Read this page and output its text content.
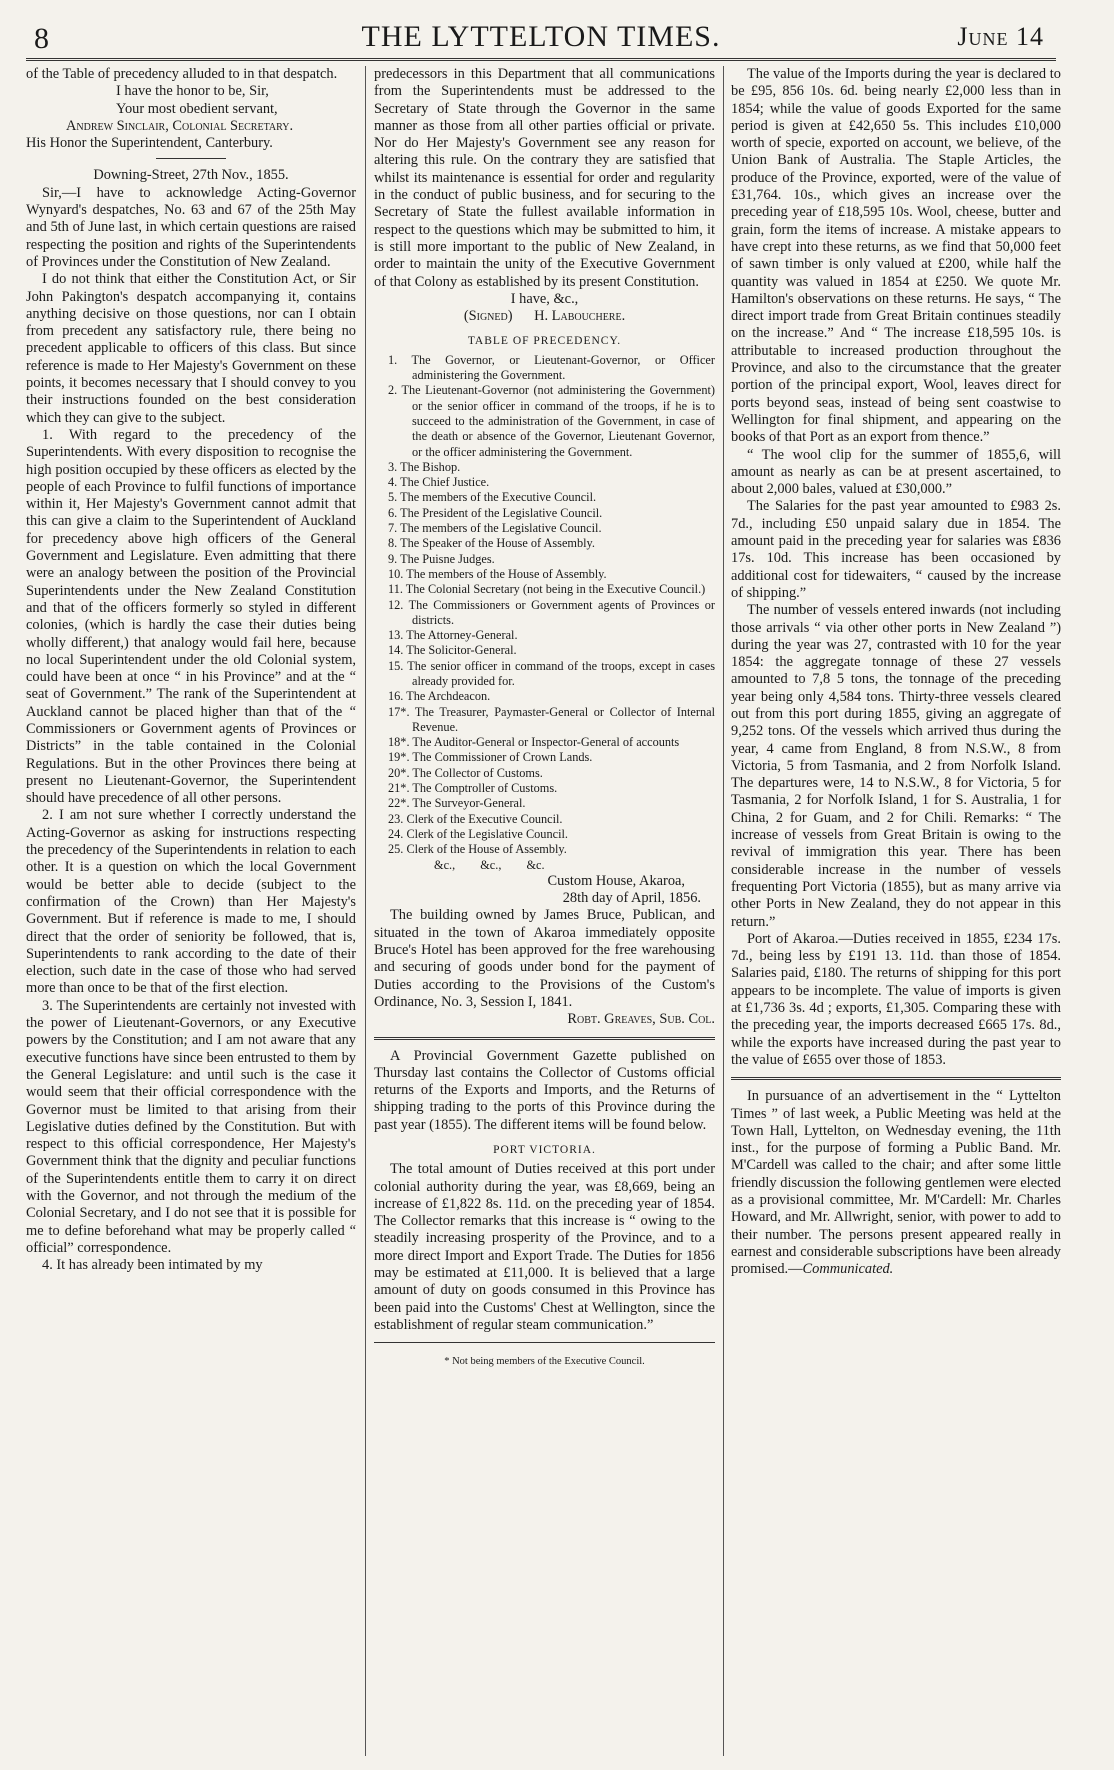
8	THE LYTTELTON TIMES.	June 14

of the Table of precedency alluded to in that despatch.

I have the honor to be, Sir,

Your most obedient servant,

Andrew Sinclair, Colonial Secretary.

His Honor the Superintendent, Canterbury.

Downing-Street, 27th Nov., 1855.

Sir,—I have to acknowledge Acting-Governor Wynyard's despatches, No. 63 and 67 of the 25th May and 5th of June last, in which certain questions are raised respecting the position and rights of the Superintendents of Provinces under the Constitution of New Zealand.

I do not think that either the Constitution Act, or Sir John Pakington's despatch accompanying it, contains anything decisive on those questions, nor can I obtain from precedent any satisfactory rule, there being no precedent applicable to officers of this class. But since reference is made to Her Majesty's Government on these points, it becomes necessary that I should convey to you their instructions founded on the best consideration which they can give to the subject.

1. With regard to the precedency of the Superintendents. With every disposition to recognise the high position occupied by these officers as elected by the people of each Province to fulfil functions of importance within it, Her Majesty's Government cannot admit that this can give a claim to the Superintendent of Auckland for precedency above high officers of the General Government and Legislature. Even admitting that there were an analogy between the position of the Provincial Superintendents under the New Zealand Constitution and that of the officers formerly so styled in different colonies, (which is hardly the case their duties being wholly different,) that analogy would fail here, because no local Superintendent under the old Colonial system, could have been at once “ in his Province” and at the “ seat of Government.” The rank of the Superintendent at Auckland cannot be placed higher than that of the “ Commissioners or Government agents of Provinces or Districts” in the table contained in the Colonial Regulations. But in the other Provinces there being at present no Lieutenant-Governor, the Superintendent should have precedence of all other persons.

2. I am not sure whether I correctly understand the Acting-Governor as asking for instructions respecting the precedency of the Superintendents in relation to each other. It is a question on which the local Government would be better able to decide (subject to the confirmation of the Crown) than Her Majesty's Government. But if reference is made to me, I should direct that the order of seniority be followed, that is, Superintendents to rank according to the date of their election, such date in the case of those who had served more than once to be that of the first election.

3. The Superintendents are certainly not invested with the power of Lieutenant-Governors, or any Executive powers by the Constitution; and I am not aware that any executive functions have since been entrusted to them by the General Legislature: and until such is the case it would seem that their official correspondence with the Governor must be limited to that arising from their Legislative duties defined by the Constitution. But with respect to this official correspondence, Her Majesty's Government think that the dignity and peculiar functions of the Superintendents entitle them to carry it on direct with the Governor, and not through the medium of the Colonial Secretary, and I do not see that it is possible for me to define beforehand what may be properly called “ official” correspondence.

4. It has already been intimated by my

predecessors in this Department that all communications from the Superintendents must be addressed to the Secretary of State through the Governor in the same manner as those from all other parties official or private. Nor do Her Majesty's Government see any reason for altering this rule. On the contrary they are satisfied that whilst its maintenance is essential for order and regularity in the conduct of public business, and for securing to the Secretary of State the fullest available information in respect to the questions which may be submitted to him, it is still more important to the public of New Zealand, in order to maintain the unity of the Executive Government of that Colony as established by its present Constitution.

I have, &c.,

(Signed)      H. Labouchere.

TABLE OF PRECEDENCY.

1. The Governor, or Lieutenant-Governor, or Officer administering the Government.

2. The Lieutenant-Governor (not administering the Government) or the senior officer in command of the troops, if he is to succeed to the administration of the Government, in case of the death or absence of the Governor, Lieutenant Governor, or the officer administering the Government.

3. The Bishop.

4. The Chief Justice.

5. The members of the Executive Council.

6. The President of the Legislative Council.

7. The members of the Legislative Council.

8. The Speaker of the House of Assembly.

9. The Puisne Judges.

10. The members of the House of Assembly.

11. The Colonial Secretary (not being in the Executive Council.)

12. The Commissioners or Government agents of Provinces or districts.

13. The Attorney-General.

14. The Solicitor-General.

15. The senior officer in command of the troops, except in cases already provided for.

16. The Archdeacon.

17*. The Treasurer, Paymaster-General or Collector of Internal Revenue.

18*. The Auditor-General or Inspector-General of accounts

19*. The Commissioner of Crown Lands.

20*. The Collector of Customs.

21*. The Comptroller of Customs.

22*. The Surveyor-General.

23. Clerk of the Executive Council.

24. Clerk of the Legislative Council.

25. Clerk of the House of Assembly.

&c., &c., &c.

Custom House, Akaroa,

28th day of April, 1856.

The building owned by James Bruce, Publican, and situated in the town of Akaroa immediately opposite Bruce's Hotel has been approved for the free warehousing and securing of goods under bond for the payment of Duties according to the Provisions of the Custom's Ordinance, No. 3, Session I, 1841.

Robt. Greaves, Sub. Col.

A Provincial Government Gazette published on Thursday last contains the Collector of Customs official returns of the Exports and Imports, and the Returns of shipping trading to the ports of this Province during the past year (1855). The different items will be found below.

PORT VICTORIA.

The total amount of Duties received at this port under colonial authority during the year, was £8,669, being an increase of £1,822 8s. 11d. on the preceding year of 1854. The Collector remarks that this increase is “ owing to the steadily increasing prosperity of the Province, and to a more direct Import and Export Trade. The Duties for 1856 may be estimated at £11,000. It is believed that a large amount of duty on goods consumed in this Province has been paid into the Customs' Chest at Wellington, since the establishment of regular steam communication.”

* Not being members of the Executive Council.

The value of the Imports during the year is declared to be £95, 856 10s. 6d. being nearly £2,000 less than in 1854; while the value of goods Exported for the same period is given at £42,650 5s. This includes £10,000 worth of specie, exported on account, we believe, of the Union Bank of Australia. The Staple Articles, the produce of the Province, exported, were of the value of £31,764. 10s., which gives an increase over the preceding year of £18,595 10s. Wool, cheese, butter and grain, form the items of increase. A mistake appears to have crept into these returns, as we find that 50,000 feet of sawn timber is only valued at £200, while half the quantity was valued in 1854 at £250. We quote Mr. Hamilton's observations on these returns. He says, “ The direct import trade from Great Britain continues steadily on the increase.” And “ The increase £18,595 10s. is attributable to increased production throughout the Province, and also to the circumstance that the greater portion of the principal export, Wool, leaves direct for ports beyond seas, instead of being sent coastwise to Wellington for final shipment, and appearing on the books of that Port as an export from thence.”

“ The wool clip for the summer of 1855,6, will amount as nearly as can be at present ascertained, to about 2,000 bales, valued at £30,000.”

The Salaries for the past year amounted to £983 2s. 7d., including £50 unpaid salary due in 1854. The amount paid in the preceding year for salaries was £836 17s. 10d. This increase has been occasioned by additional cost for tidewaiters, “ caused by the increase of shipping.”

The number of vessels entered inwards (not including those arrivals “ via other other ports in New Zealand ”) during the year was 27, contrasted with 10 for the year 1854: the aggregate tonnage of these 27 vessels amounted to 7,8 5 tons, the tonnage of the preceding year being only 4,584 tons. Thirty-three vessels cleared out from this port during 1855, giving an aggregate of 9,252 tons. Of the vessels which arrived thus during the year, 4 came from England, 8 from N.S.W., 8 from Victoria, 5 from Tasmania, and 2 from Norfolk Island. The departures were, 14 to N.S.W., 8 for Victoria, 5 for Tasmania, 2 for Norfolk Island, 1 for S. Australia, 1 for China, 2 for Guam, and 2 for Chili. Remarks: “ The increase of vessels from Great Britain is owing to the revival of immigration this year. There has been considerable increase in the number of vessels frequenting Port Victoria (1855), but as many arrive via other Ports in New Zealand, they do not appear in this return.”

Port of Akaroa.—Duties received in 1855, £234 17s. 7d., being less by £191 13. 11d. than those of 1854. Salaries paid, £180. The returns of shipping for this port appears to be incomplete. The value of imports is given at £1,736 3s. 4d ; exports, £1,305. Comparing these with the preceding year, the imports decreased £665 17s. 8d., while the exports have increased during the past year to the value of £655 over those of 1853.

In pursuance of an advertisement in the “ Lyttelton Times ” of last week, a Public Meeting was held at the Town Hall, Lyttelton, on Wednesday evening, the 11th inst., for the purpose of forming a Public Band. Mr. M'Cardell was called to the chair; and after some little friendly discussion the following gentlemen were elected as a provisional committee, Mr. M'Cardell: Mr. Charles Howard, and Mr. Allwright, senior, with power to add to their number. The persons present appeared really in earnest and considerable subscriptions have been already promised.—Communicated.
